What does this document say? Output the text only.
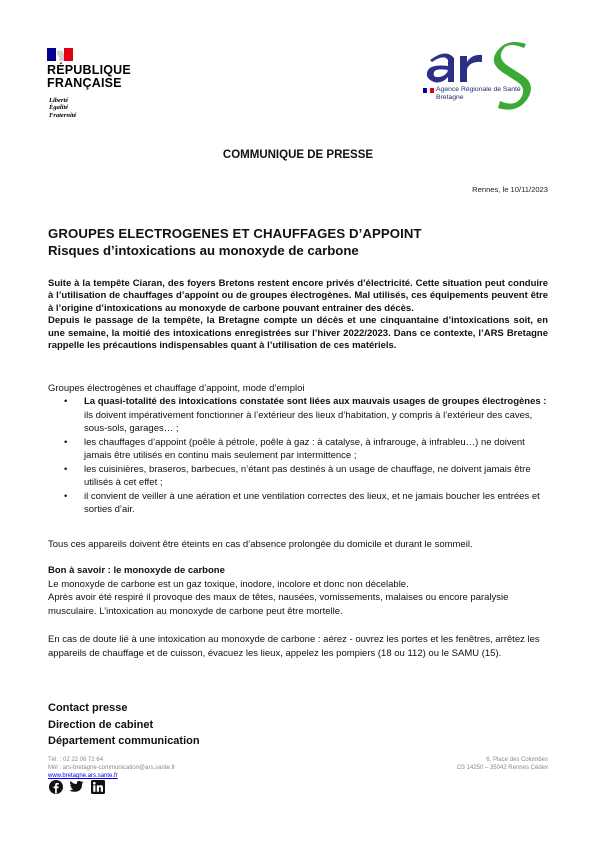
RÉPUBLIQUE
FRANÇAISE
Liberté
Égalité
Fraternité
Agence Régionale de Santé
Bretagne
COMMUNIQUE DE PRESSE
Rennes, le 10/11/2023
GROUPES ELECTROGENES ET CHAUFFAGES D’APPOINT
Risques d’intoxications au monoxyde de carbone

Suite à la tempête Ciaran, des foyers Bretons restent encore privés d’électricité. Cette situation peut conduire à l’utilisation de chauffages d’appoint ou de groupes électrogènes. Mal utilisés, ces équipements peuvent être à l’origine d’intoxications au monoxyde de carbone pouvant entrainer des décès.

Depuis le passage de la tempête, la Bretagne compte un décès et une cinquantaine d’intoxications soit, en une semaine, la moitié des intoxications enregistrées sur l’hiver 2022/2023. Dans ce contexte, l’ARS Bretagne rappelle les précautions indispensables quant à l’utilisation de ces matériels.

Groupes électrogènes et chauffage d’appoint, mode d’emploi
• La quasi-totalité des intoxications constatée sont liées aux mauvais usages de groupes électrogènes : ils doivent impérativement fonctionner à l’extérieur des lieux d’habitation, y compris à l’extérieur des caves, sous-sols, garages… ;
• les chauffages d’appoint (poêle à pétrole, poêle à gaz : à catalyse, à infrarouge, à infrableu…) ne doivent jamais être utilisés en continu mais seulement par intermittence ;
• les cuisinières, braseros, barbecues, n’étant pas destinés à un usage de chauffage, ne doivent jamais être utilisés à cet effet ;
• il convient de veiller à une aération et une ventilation correctes des lieux, et ne jamais boucher les entrées et sorties d’air.
Tous ces appareils doivent être éteints en cas d’absence prolongée du domicile et durant le sommeil.

Bon à savoir : le monoxyde de carbone

Le monoxyde de carbone est un gaz toxique, inodore, incolore et donc non décelable.

Après avoir été respiré il provoque des maux de têtes, nausées, vomissements, malaises ou encore paralysie musculaire. L’intoxication au monoxyde de carbone peut être mortelle.

En cas de doute lié à une intoxication au monoxyde de carbone : aérez - ouvrez les portes et les fenêtres, arrêtez les appareils de chauffage et de cuisson, évacuez les lieux, appelez les pompiers (18 ou 112) ou le SAMU (15).
Contact presse
Direction de cabinet
Département communication
Tél. : 02 22 06 72 64
Mél : ars-bretagne-communication@ars.sante.fr
www.bretagne.ars.sante.fr
6, Place des Colombes
CS 14250 – 35042 Rennes Cédex
